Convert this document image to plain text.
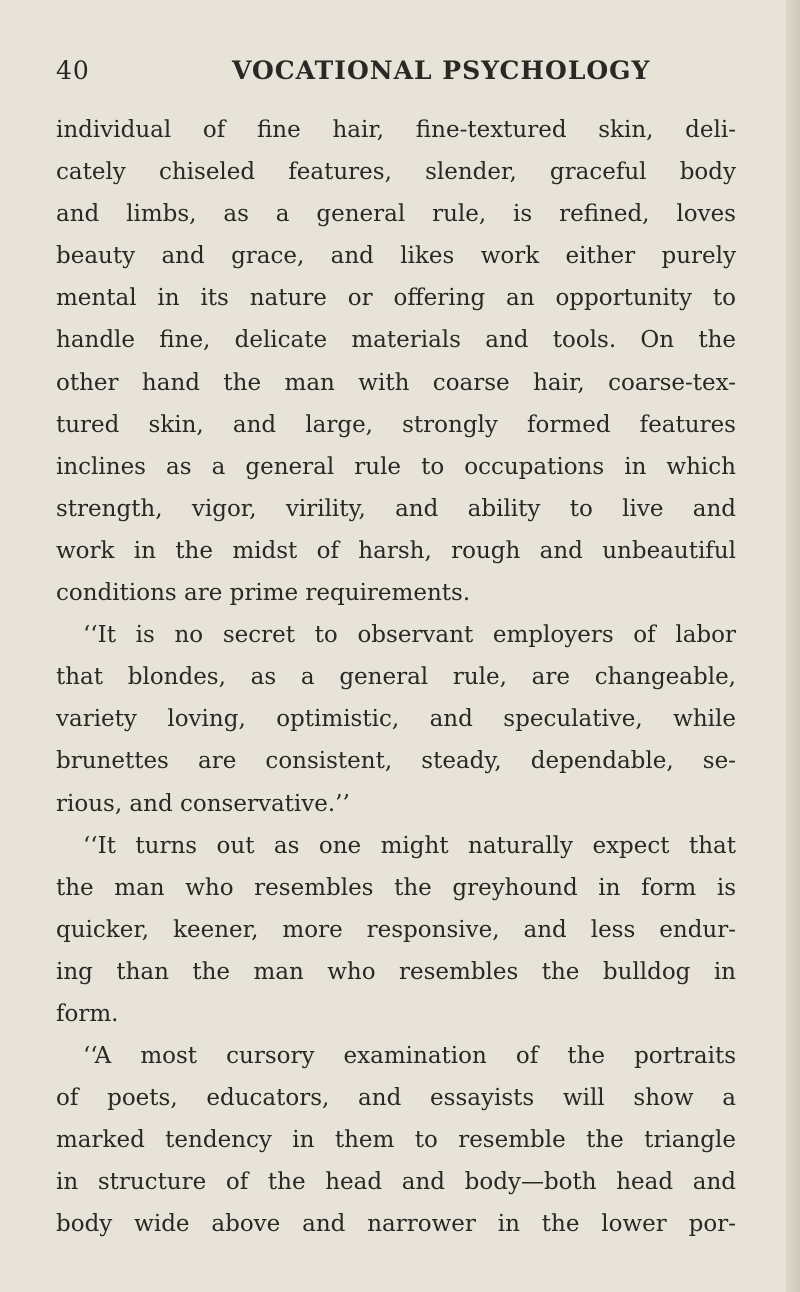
40	VOCATIONAL PSYCHOLOGY
individual of fine hair, fine-textured skin, deli-
cately chiseled features, slender, graceful body
and limbs, as a general rule, is refined, loves
beauty and grace, and likes work either purely
mental in its nature or offering an opportunity to
handle fine, delicate materials and tools. On the
other hand the man with coarse hair, coarse-tex-
tured skin, and large, strongly formed features
inclines as a general rule to occupations in which
strength, vigor, virility, and ability to live and
work in the midst of harsh, rough and unbeautiful
conditions are prime requirements.
‘‘It is no secret to observant employers of labor
that blondes, as a general rule, are changeable,
variety loving, optimistic, and speculative, while
brunettes are consistent, steady, dependable, se-
rious, and conservative.’’
‘‘It turns out as one might naturally expect that
the man who resembles the greyhound in form is
quicker, keener, more responsive, and less endur-
ing than the man who resembles the bulldog in
form.
‘‘A most cursory examination of the portraits
of poets, educators, and essayists will show a
marked tendency in them to resemble the triangle
in structure of the head and body—both head and
body wide above and narrower in the lower por-
